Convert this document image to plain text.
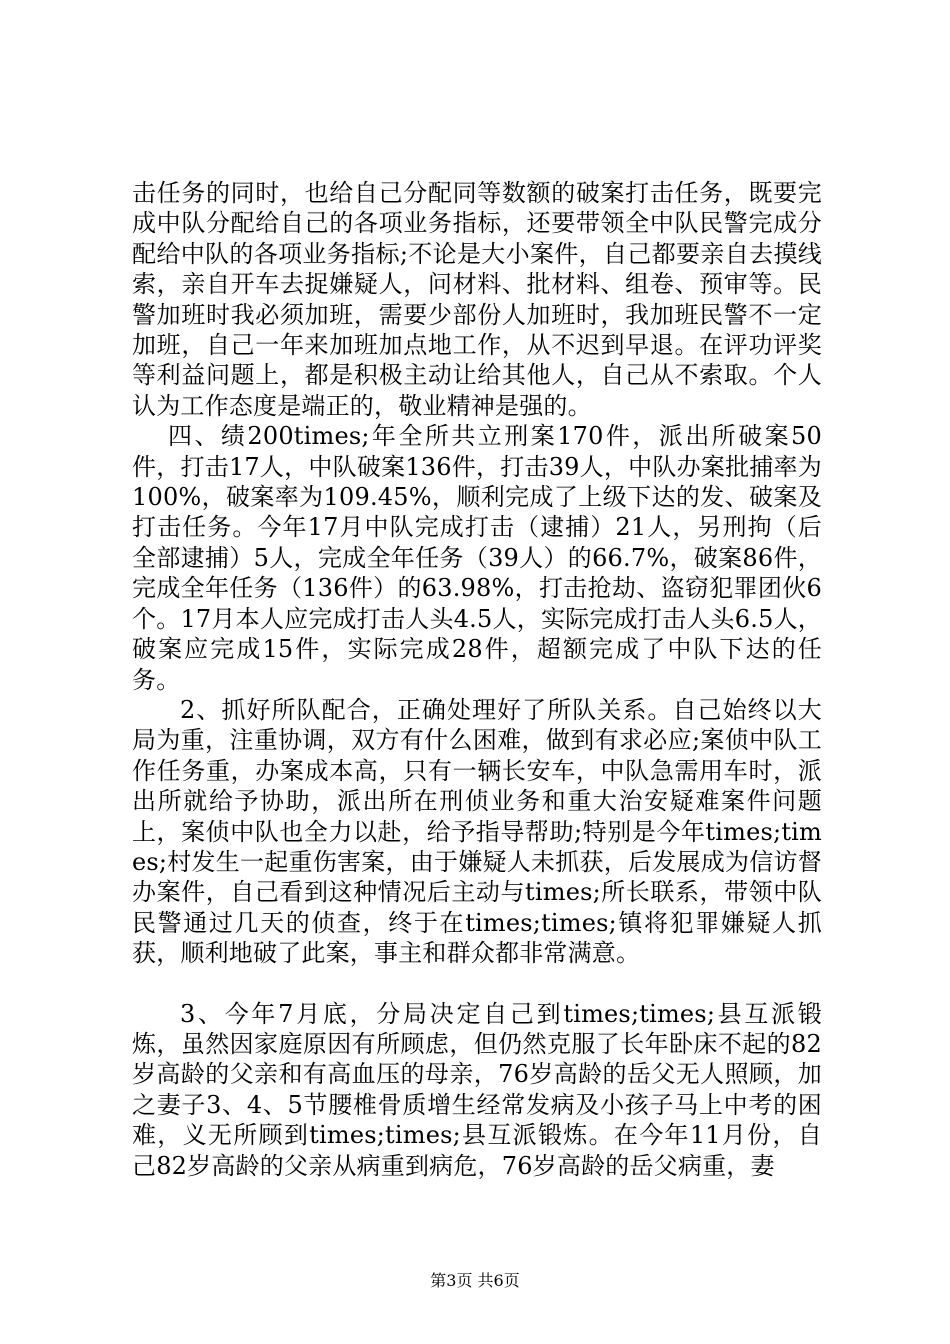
击任务的同时，也给自己分配同等数额的破案打击任务，既要完成中队分配给自己的各项业务指标，还要带领全中队民警完成分配给中队的各项业务指标;不论是大小案件，自己都要亲自去摸线索，亲自开车去捉嫌疑人，问材料、批材料、组卷、预审等。民警加班时我必须加班，需要少部份人加班时，我加班民警不一定加班，自己一年来加班加点地工作，从不迟到早退。在评功评奖等利益问题上，都是积极主动让给其他人，自己从不索取。个人认为工作态度是端正的，敬业精神是强的。

四、绩200times;年全所共立刑案170件，派出所破案50件，打击17人，中队破案136件，打击39人，中队办案批捕率为100%，破案率为109.45%，顺利完成了上级下达的发、破案及打击任务。今年17月中队完成打击（逮捕）21人，另刑拘（后全部逮捕）5人，完成全年任务（39人）的66.7%，破案86件，完成全年任务（136件）的63.98%，打击抢劫、盗窃犯罪团伙6个。17月本人应完成打击人头4.5人，实际完成打击人头6.5人，破案应完成15件，实际完成28件，超额完成了中队下达的任务。

2、抓好所队配合，正确处理好了所队关系。自己始终以大局为重，注重协调，双方有什么困难，做到有求必应;案侦中队工作任务重，办案成本高，只有一辆长安车，中队急需用车时，派出所就给予协助，派出所在刑侦业务和重大治安疑难案件问题上，案侦中队也全力以赴，给予指导帮助;特别是今年times;times;村发生一起重伤害案，由于嫌疑人未抓获，后发展成为信访督办案件，自己看到这种情况后主动与times;所长联系，带领中队民警通过几天的侦查，终于在times;times;镇将犯罪嫌疑人抓获，顺利地破了此案，事主和群众都非常满意。

3、今年7月底，分局决定自己到times;times;县互派锻炼，虽然因家庭原因有所顾虑，但仍然克服了长年卧床不起的82岁高龄的父亲和有高血压的母亲，76岁高龄的岳父无人照顾，加之妻子3、4、5节腰椎骨质增生经常发病及小孩子马上中考的困难，义无所顾到times;times;县互派锻炼。在今年11月份，自己82岁高龄的父亲从病重到病危，76岁高龄的岳父病重，妻

第3页 共6页
